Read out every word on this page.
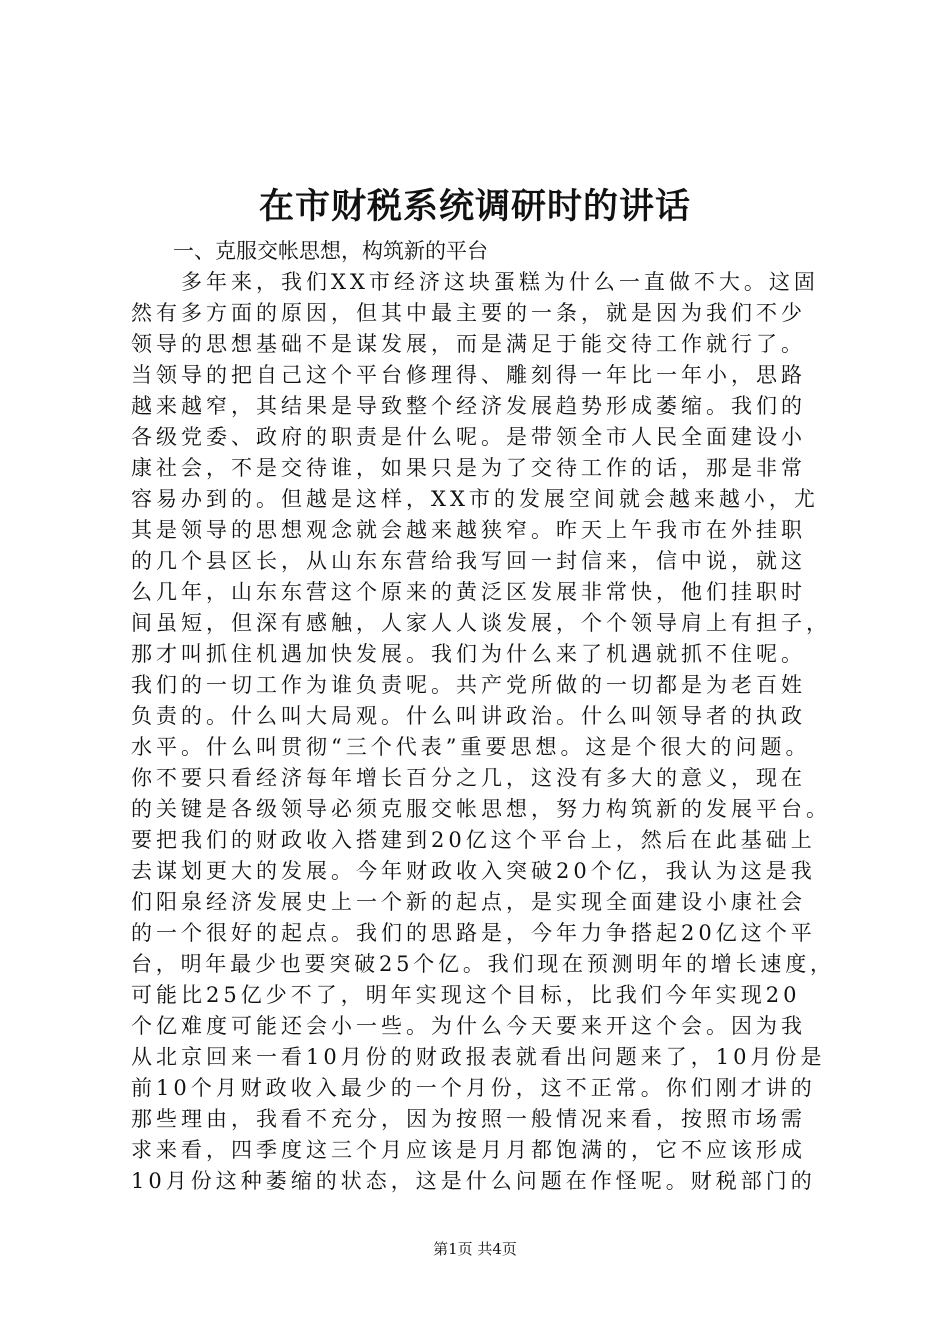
在市财税系统调研时的讲话
一、克服交帐思想，构筑新的平台
多年来，我们XX市经济这块蛋糕为什么一直做不大。这固
然有多方面的原因，但其中最主要的一条，就是因为我们不少
领导的思想基础不是谋发展，而是满足于能交待工作就行了。
当领导的把自己这个平台修理得、雕刻得一年比一年小，思路
越来越窄，其结果是导致整个经济发展趋势形成萎缩。我们的
各级党委、政府的职责是什么呢。是带领全市人民全面建设小
康社会，不是交待谁，如果只是为了交待工作的话，那是非常
容易办到的。但越是这样，XX市的发展空间就会越来越小，尤
其是领导的思想观念就会越来越狭窄。昨天上午我市在外挂职
的几个县区长，从山东东营给我写回一封信来，信中说，就这
么几年，山东东营这个原来的黄泛区发展非常快，他们挂职时
间虽短，但深有感触，人家人人谈发展，个个领导肩上有担子，
那才叫抓住机遇加快发展。我们为什么来了机遇就抓不住呢。
我们的一切工作为谁负责呢。共产党所做的一切都是为老百姓
负责的。什么叫大局观。什么叫讲政治。什么叫领导者的执政
水平。什么叫贯彻“三个代表”重要思想。这是个很大的问题。
你不要只看经济每年增长百分之几，这没有多大的意义，现在
的关键是各级领导必须克服交帐思想，努力构筑新的发展平台。
要把我们的财政收入搭建到20亿这个平台上，然后在此基础上
去谋划更大的发展。今年财政收入突破20个亿，我认为这是我
们阳泉经济发展史上一个新的起点，是实现全面建设小康社会
的一个很好的起点。我们的思路是，今年力争搭起20亿这个平
台，明年最少也要突破25个亿。我们现在预测明年的增长速度，
可能比25亿少不了，明年实现这个目标，比我们今年实现20
个亿难度可能还会小一些。为什么今天要来开这个会。因为我
从北京回来一看10月份的财政报表就看出问题来了，10月份是
前10个月财政收入最少的一个月份，这不正常。你们刚才讲的
那些理由，我看不充分，因为按照一般情况来看，按照市场需
求来看，四季度这三个月应该是月月都饱满的，它不应该形成
10月份这种萎缩的状态，这是什么问题在作怪呢。财税部门的
第1页 共4页
